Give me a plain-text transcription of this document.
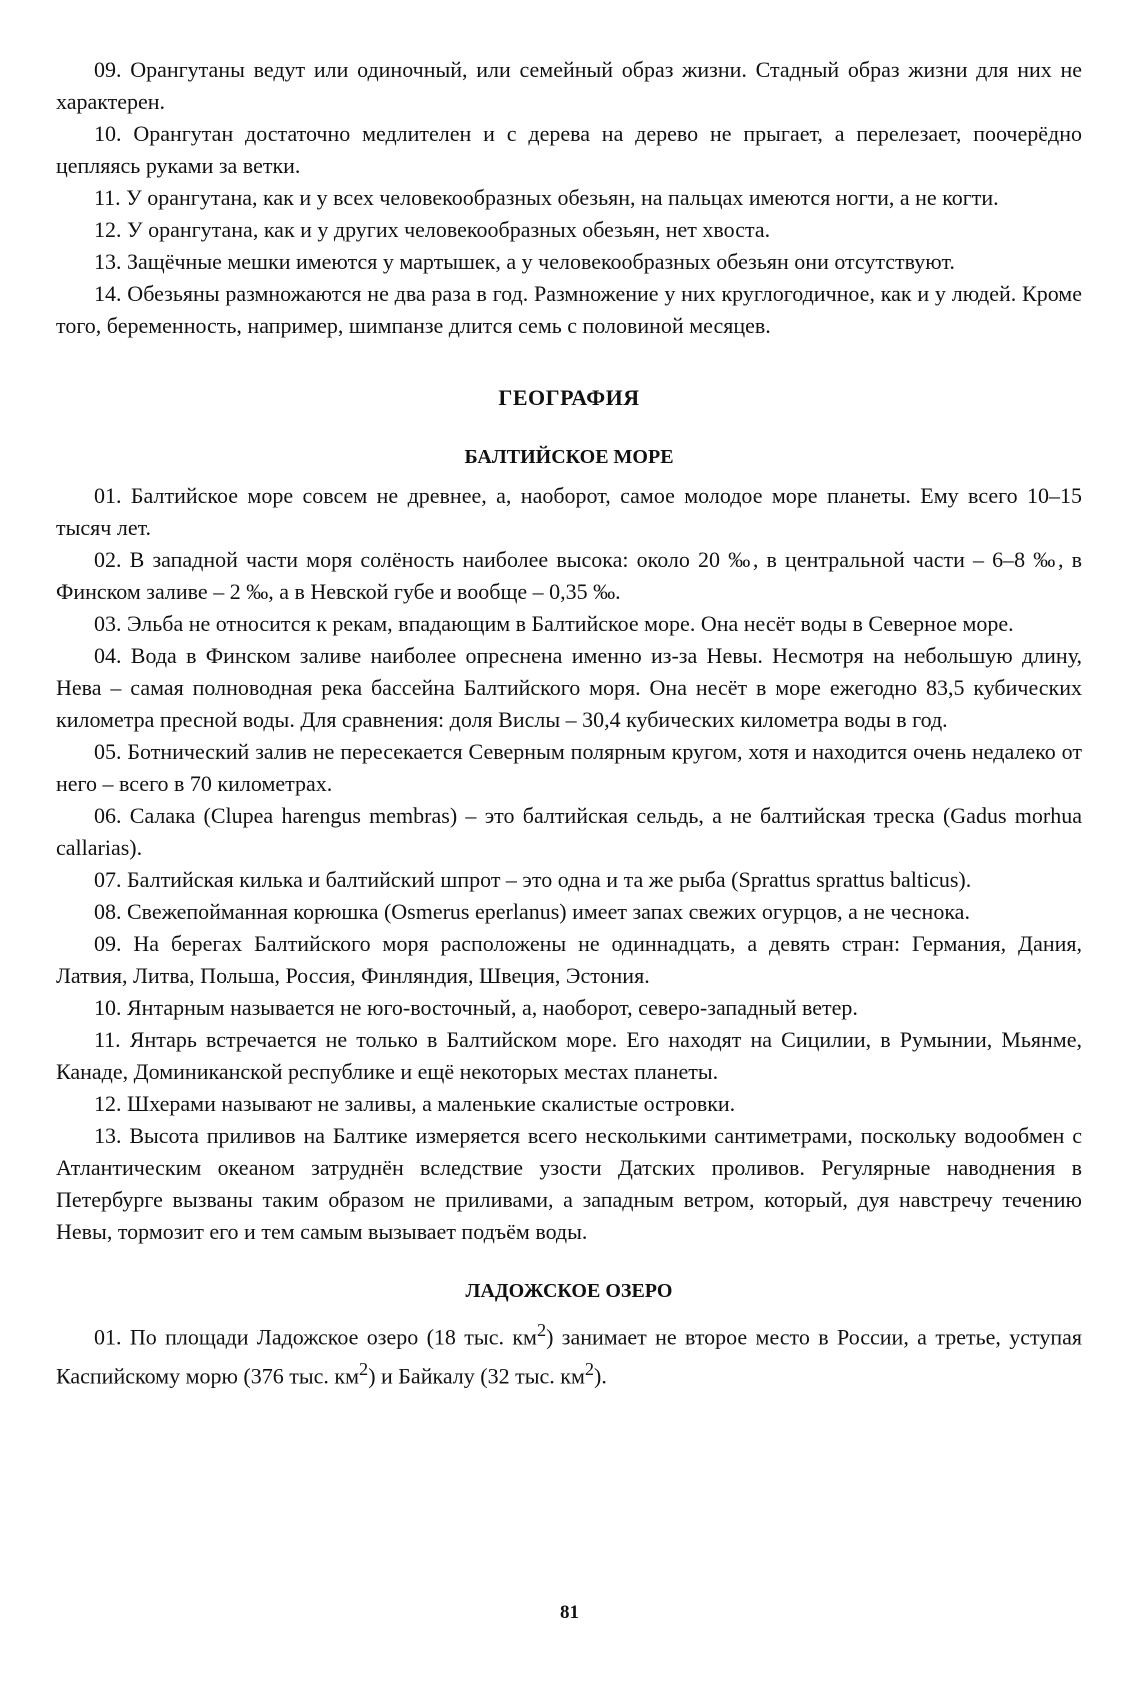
09. Орангутаны ведут или одиночный, или семейный образ жизни. Стадный образ жизни для них не характерен.

10. Орангутан достаточно медлителен и с дерева на дерево не прыгает, а перелезает, поочерёдно цепляясь руками за ветки.

11. У орангутана, как и у всех человекообразных обезьян, на пальцах имеются ногти, а не когти.

12. У орангутана, как и у других человекообразных обезьян, нет хвоста.

13. Защёчные мешки имеются у мартышек, а у человекообразных обезьян они отсутствуют.

14. Обезьяны размножаются не два раза в год. Размножение у них круглогодичное, как и у людей. Кроме того, беременность, например, шимпанзе длится семь с половиной месяцев.

ГЕОГРАФИЯ
БАЛТИЙСКОЕ МОРЕ

01. Балтийское море совсем не древнее, а, наоборот, самое молодое море планеты. Ему всего 10–15 тысяч лет.

02. В западной части моря солёность наиболее высока: около 20 ‰, в центральной части – 6–8 ‰, в Финском заливе – 2 ‰, а в Невской губе и вообще – 0,35 ‰.

03. Эльба не относится к рекам, впадающим в Балтийское море. Она несёт воды в Северное море.

04. Вода в Финском заливе наиболее опреснена именно из-за Невы. Несмотря на небольшую длину, Нева – самая полноводная река бассейна Балтийского моря. Она несёт в море ежегодно 83,5 кубических километра пресной воды. Для сравнения: доля Вислы – 30,4 кубических километра воды в год.

05. Ботнический залив не пересекается Северным полярным кругом, хотя и находится очень недалеко от него – всего в 70 километрах.

06. Салака (Clupea harengus membras) – это балтийская сельдь, а не балтийская треска (Gadus morhua callarias).

07. Балтийская килька и балтийский шпрот – это одна и та же рыба (Sprattus sprattus balticus).

08. Свежепойманная корюшка (Osmerus eperlanus) имеет запах свежих огурцов, а не чеснока.

09. На берегах Балтийского моря расположены не одиннадцать, а девять стран: Германия, Дания, Латвия, Литва, Польша, Россия, Финляндия, Швеция, Эстония.

10. Янтарным называется не юго-восточный, а, наоборот, северо-западный ветер.

11. Янтарь встречается не только в Балтийском море. Его находят на Сицилии, в Румынии, Мьянме, Канаде, Доминиканской республике и ещё некоторых местах планеты.

12. Шхерами называют не заливы, а маленькие скалистые островки.

13. Высота приливов на Балтике измеряется всего несколькими сантиметрами, поскольку водообмен с Атлантическим океаном затруднён вследствие узости Датских проливов. Регулярные наводнения в Петербурге вызваны таким образом не приливами, а западным ветром, который, дуя навстречу течению Невы, тормозит его и тем самым вызывает подъём воды.

ЛАДОЖСКОЕ ОЗЕРО

01. По площади Ладожское озеро (18 тыс. $км^2$) занимает не второе место в России, а третье, уступая Каспийскому морю (376 тыс. $км^2$) и Байкалу (32 тыс. $км^2$).

81
